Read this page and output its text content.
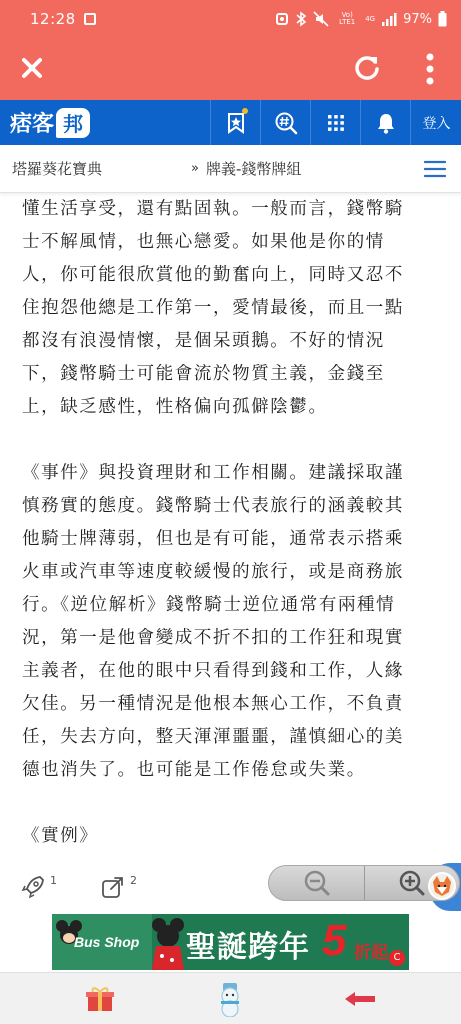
12:28	Vo) LTE1	4G 97%
痞客 邦	登入
塔羅葵花寶典	» 牌義-錢幣牌組

懂生活享受，還有點固執。一般而言，錢幣騎
士不解風情，也無心戀愛。如果他是你的情
人，你可能很欣賞他的勤奮向上，同時又忍不
住抱怨他總是工作第一，愛情最後，而且一點
都沒有浪漫情懷，是個呆頭鵝。不好的情況
下，錢幣騎士可能會流於物質主義，金錢至
上，缺乏感性，性格偏向孤僻陰鬱。

《事件》與投資理財和工作相關。建議採取謹
慎務實的態度。錢幣騎士代表旅行的涵義較其
他騎士牌薄弱，但也是有可能，通常表示搭乘
火車或汽車等速度較緩慢的旅行，或是商務旅
行。《逆位解析》錢幣騎士逆位通常有兩種情
況，第一是他會變成不折不扣的工作狂和現實
主義者，在他的眼中只看得到錢和工作，人緣
欠佳。另一種情況是他根本無心工作，不負責
任，失去方向，整天渾渾噩噩，謹慎細心的美
德也消失了。也可能是工作倦怠或失業。

《實例》

1	2
Bus Shop 聖誕跨年 5 折起 C
